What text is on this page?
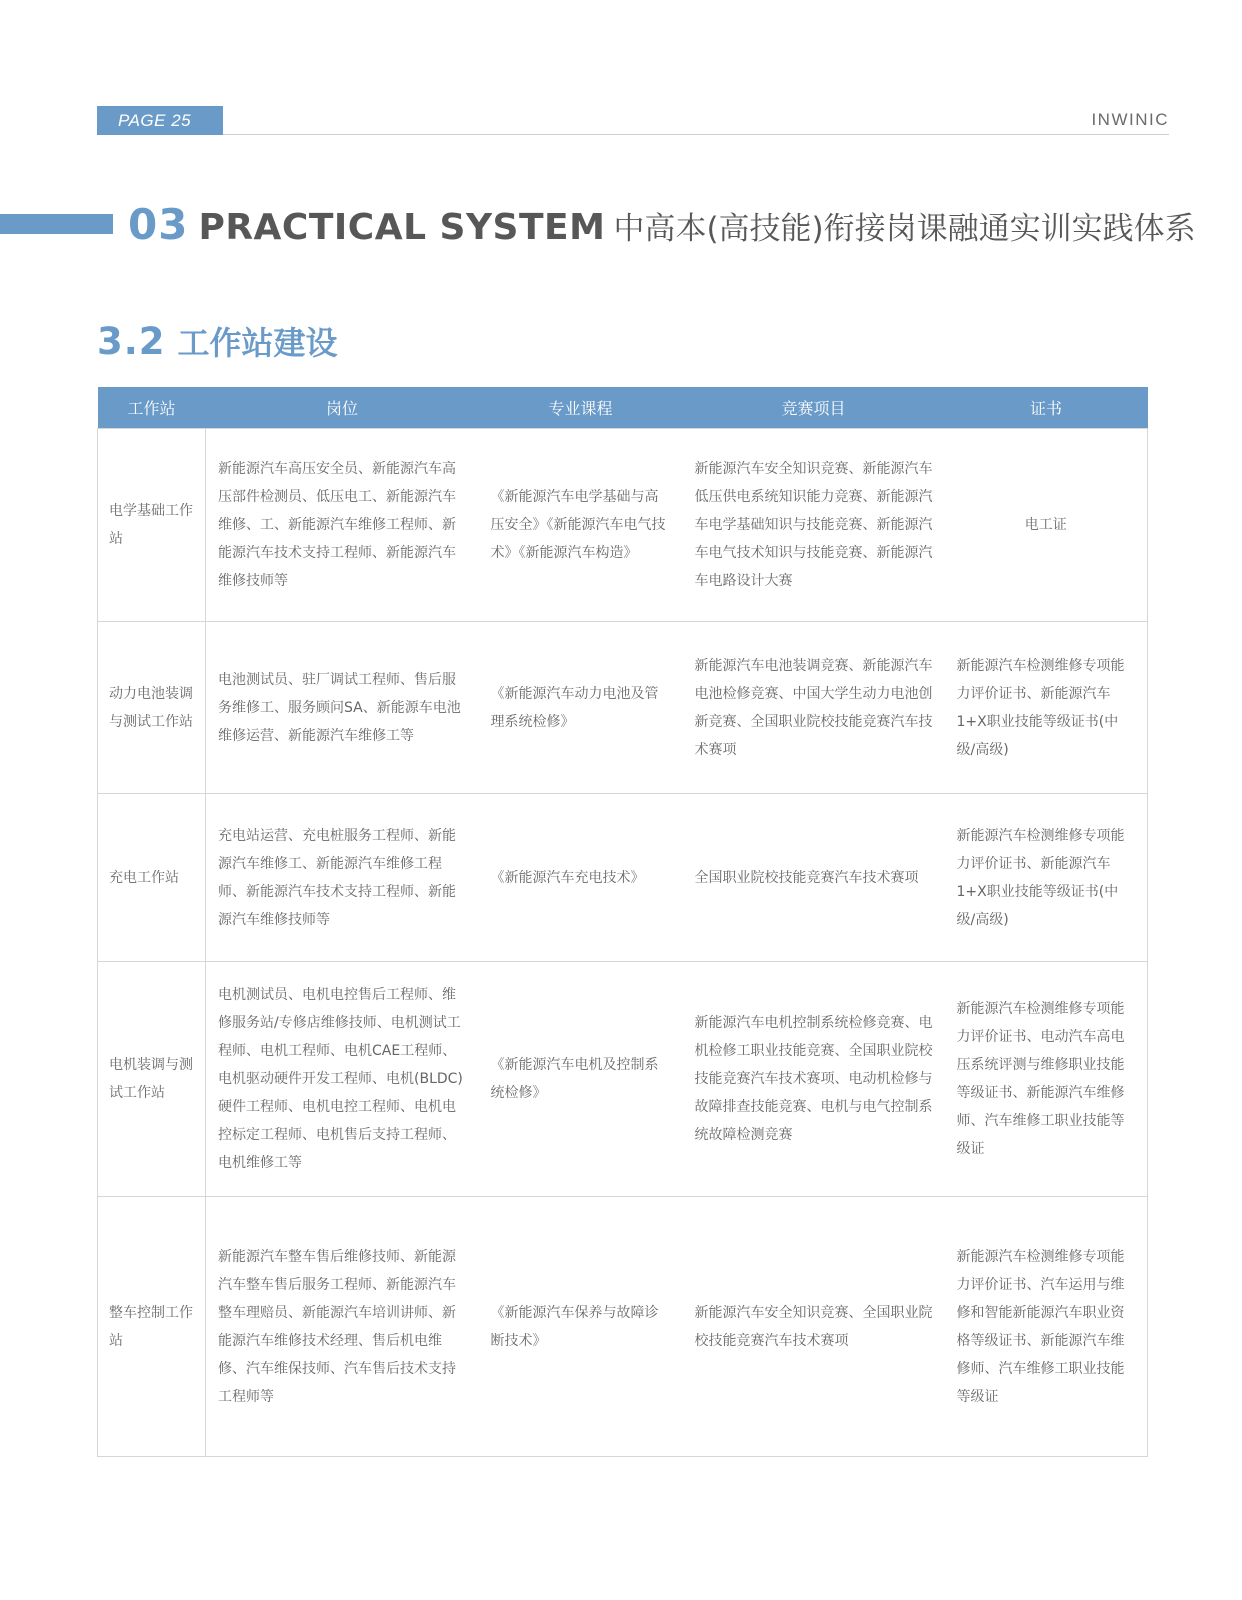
PAGE 25	INWINIC
03 PRACTICAL SYSTEM 中高本(高技能)衔接岗课融通实训实践体系
3.2 工作站建设
工作站	岗位	专业课程	竞赛项目	证书
电学基础工作站	新能源汽车高压安全员、新能源汽车高压部件检测员、低压电工、新能源汽车维修、工、新能源汽车维修工程师、新能源汽车技术支持工程师、新能源汽车维修技师等	《新能源汽车电学基础与高压安全》《新能源汽车电气技术》《新能源汽车构造》	新能源汽车安全知识竞赛、新能源汽车低压供电系统知识能力竞赛、新能源汽车电学基础知识与技能竞赛、新能源汽车电气技术知识与技能竞赛、新能源汽车电路设计大赛	电工证
动力电池装调与测试工作站	电池测试员、驻厂调试工程师、售后服务维修工、服务顾问SA、新能源车电池维修运营、新能源汽车维修工等	《新能源汽车动力电池及管理系统检修》	新能源汽车电池装调竞赛、新能源汽车电池检修竞赛、中国大学生动力电池创新竞赛、全国职业院校技能竞赛汽车技术赛项	新能源汽车检测维修专项能力评价证书、新能源汽车1+X职业技能等级证书(中级/高级)
充电工作站	充电站运营、充电桩服务工程师、新能源汽车维修工、新能源汽车维修工程师、新能源汽车技术支持工程师、新能源汽车维修技师等	《新能源汽车充电技术》	全国职业院校技能竞赛汽车技术赛项	新能源汽车检测维修专项能力评价证书、新能源汽车1+X职业技能等级证书(中级/高级)
电机装调与测试工作站	电机测试员、电机电控售后工程师、维修服务站/专修店维修技师、电机测试工程师、电机工程师、电机CAE工程师、电机驱动硬件开发工程师、电机(BLDC)硬件工程师、电机电控工程师、电机电控标定工程师、电机售后支持工程师、电机维修工等	《新能源汽车电机及控制系统检修》	新能源汽车电机控制系统检修竞赛、电机检修工职业技能竞赛、全国职业院校技能竞赛汽车技术赛项、电动机检修与故障排查技能竞赛、电机与电气控制系统故障检测竞赛	新能源汽车检测维修专项能力评价证书、电动汽车高电压系统评测与维修职业技能等级证书、新能源汽车维修师、汽车维修工职业技能等级证
整车控制工作站	新能源汽车整车售后维修技师、新能源汽车整车售后服务工程师、新能源汽车整车理赔员、新能源汽车培训讲师、新能源汽车维修技术经理、售后机电维修、汽车维保技师、汽车售后技术支持工程师等	《新能源汽车保养与故障诊断技术》	新能源汽车安全知识竞赛、全国职业院校技能竞赛汽车技术赛项	新能源汽车检测维修专项能力评价证书、汽车运用与维修和智能新能源汽车职业资格等级证书、新能源汽车维修师、汽车维修工职业技能等级证
